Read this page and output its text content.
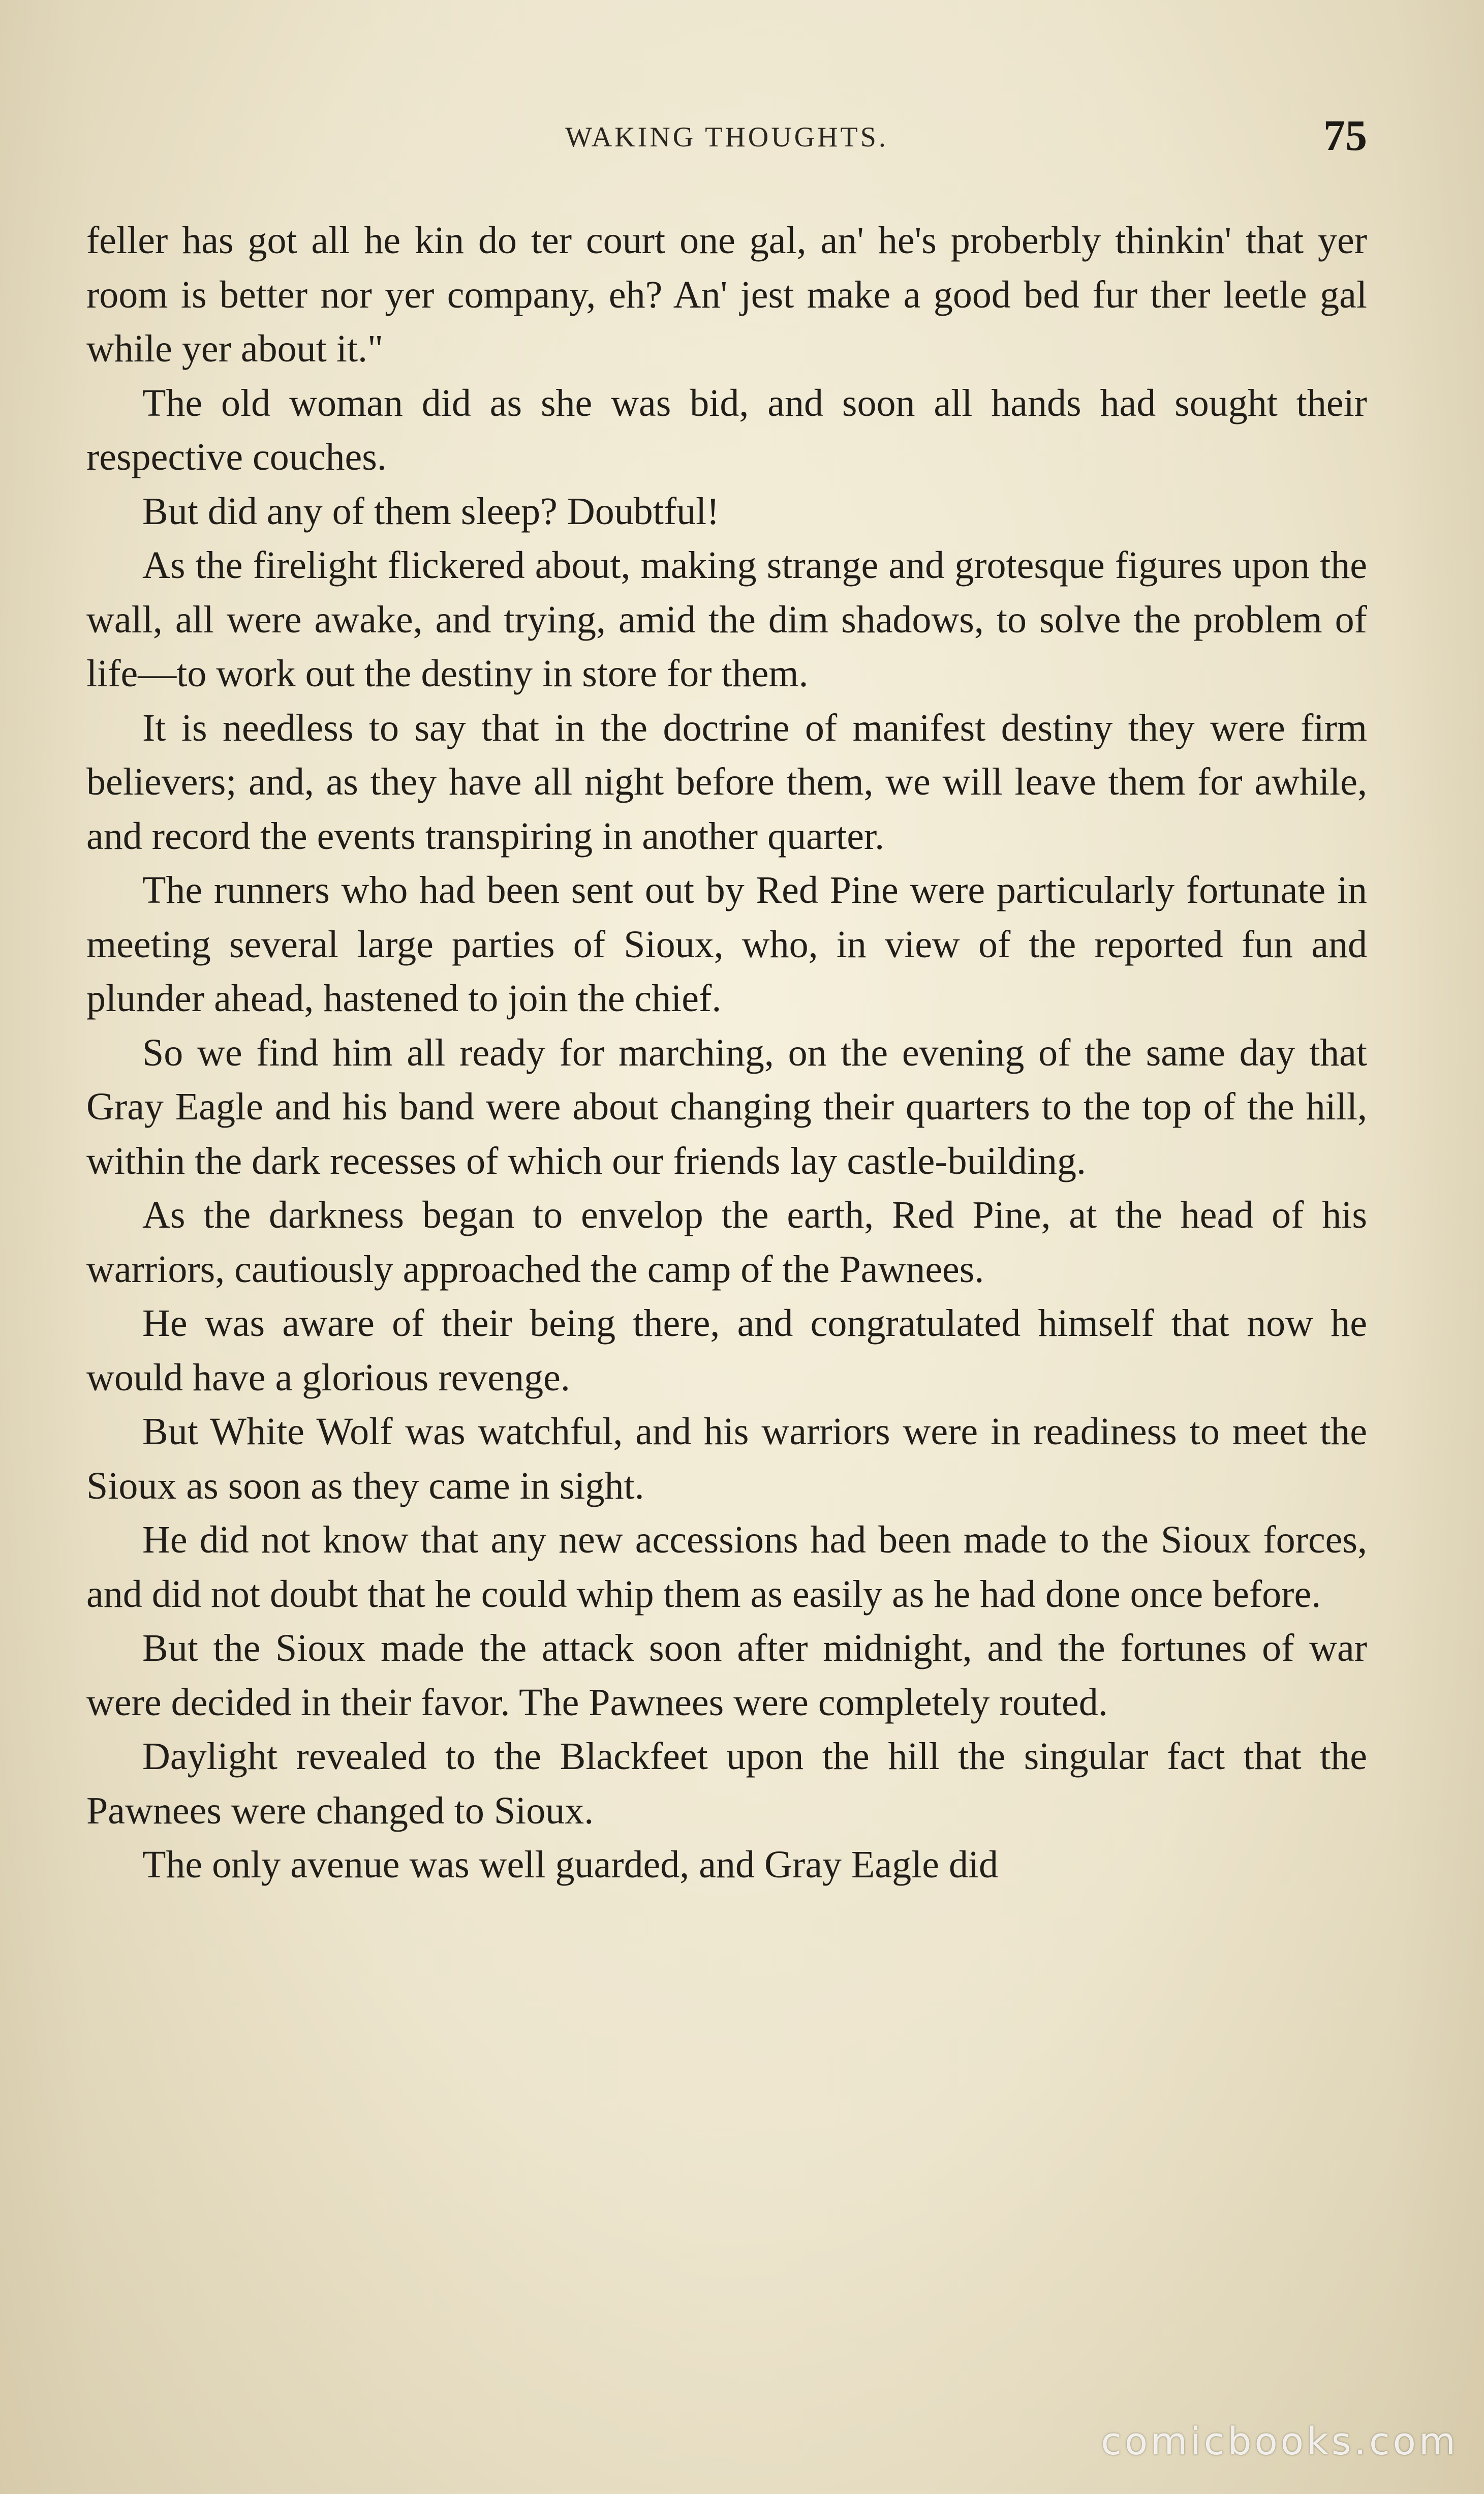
WAKING THOUGHTS.	75

feller has got all he kin do ter court one gal, an' he's proberbly thinkin' that yer room is better nor yer company, eh? An' jest make a good bed fur ther leetle gal while yer about it."

The old woman did as she was bid, and soon all hands had sought their respective couches.

But did any of them sleep? Doubtful!

As the firelight flickered about, making strange and grotesque figures upon the wall, all were awake, and trying, amid the dim shadows, to solve the problem of life—to work out the destiny in store for them.

It is needless to say that in the doctrine of manifest destiny they were firm believers; and, as they have all night before them, we will leave them for awhile, and record the events transpiring in another quarter.

The runners who had been sent out by Red Pine were particularly fortunate in meeting several large parties of Sioux, who, in view of the reported fun and plunder ahead, hastened to join the chief.

So we find him all ready for marching, on the evening of the same day that Gray Eagle and his band were about changing their quarters to the top of the hill, within the dark recesses of which our friends lay castle-building.

As the darkness began to envelop the earth, Red Pine, at the head of his warriors, cautiously approached the camp of the Pawnees.

He was aware of their being there, and congratulated himself that now he would have a glorious revenge.

But White Wolf was watchful, and his warriors were in readiness to meet the Sioux as soon as they came in sight.

He did not know that any new accessions had been made to the Sioux forces, and did not doubt that he could whip them as easily as he had done once before.

But the Sioux made the attack soon after midnight, and the fortunes of war were decided in their favor. The Pawnees were completely routed.

Daylight revealed to the Blackfeet upon the hill the singular fact that the Pawnees were changed to Sioux.

The only avenue was well guarded, and Gray Eagle did

comicbooks.com
